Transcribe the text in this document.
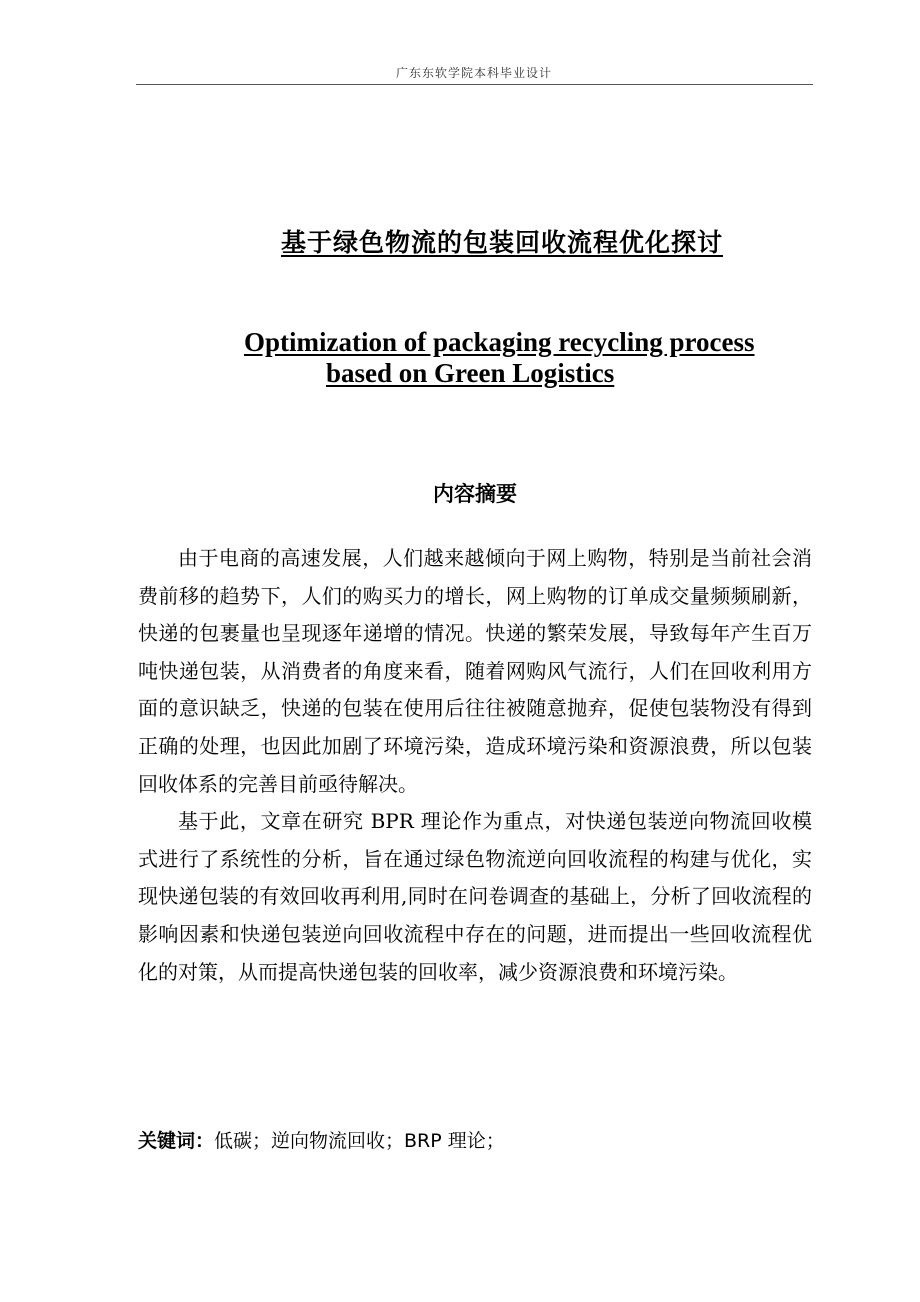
广东东软学院本科毕业设计
基于绿色物流的包装回收流程优化探讨
Optimization of packaging recycling process
based on Green Logistics
内容摘要

由于电商的高速发展，人们越来越倾向于网上购物，特别是当前社会消费前移的趋势下，人们的购买力的增长，网上购物的订单成交量频频刷新，快递的包裹量也呈现逐年递增的情况。快递的繁荣发展，导致每年产生百万吨快递包装，从消费者的角度来看，随着网购风气流行，人们在回收利用方面的意识缺乏，快递的包装在使用后往往被随意抛弃，促使包装物没有得到正确的处理，也因此加剧了环境污染，造成环境污染和资源浪费，所以包装回收体系的完善目前亟待解决。

基于此，文章在研究 BPR 理论作为重点，对快递包装逆向物流回收模式进行了系统性的分析，旨在通过绿色物流逆向回收流程的构建与优化，实现快递包装的有效回收再利用,同时在问卷调查的基础上，分析了回收流程的影响因素和快递包装逆向回收流程中存在的问题，进而提出一些回收流程优化的对策，从而提高快递包装的回收率，减少资源浪费和环境污染。

关键词：低碳；逆向物流回收；BRP 理论；
